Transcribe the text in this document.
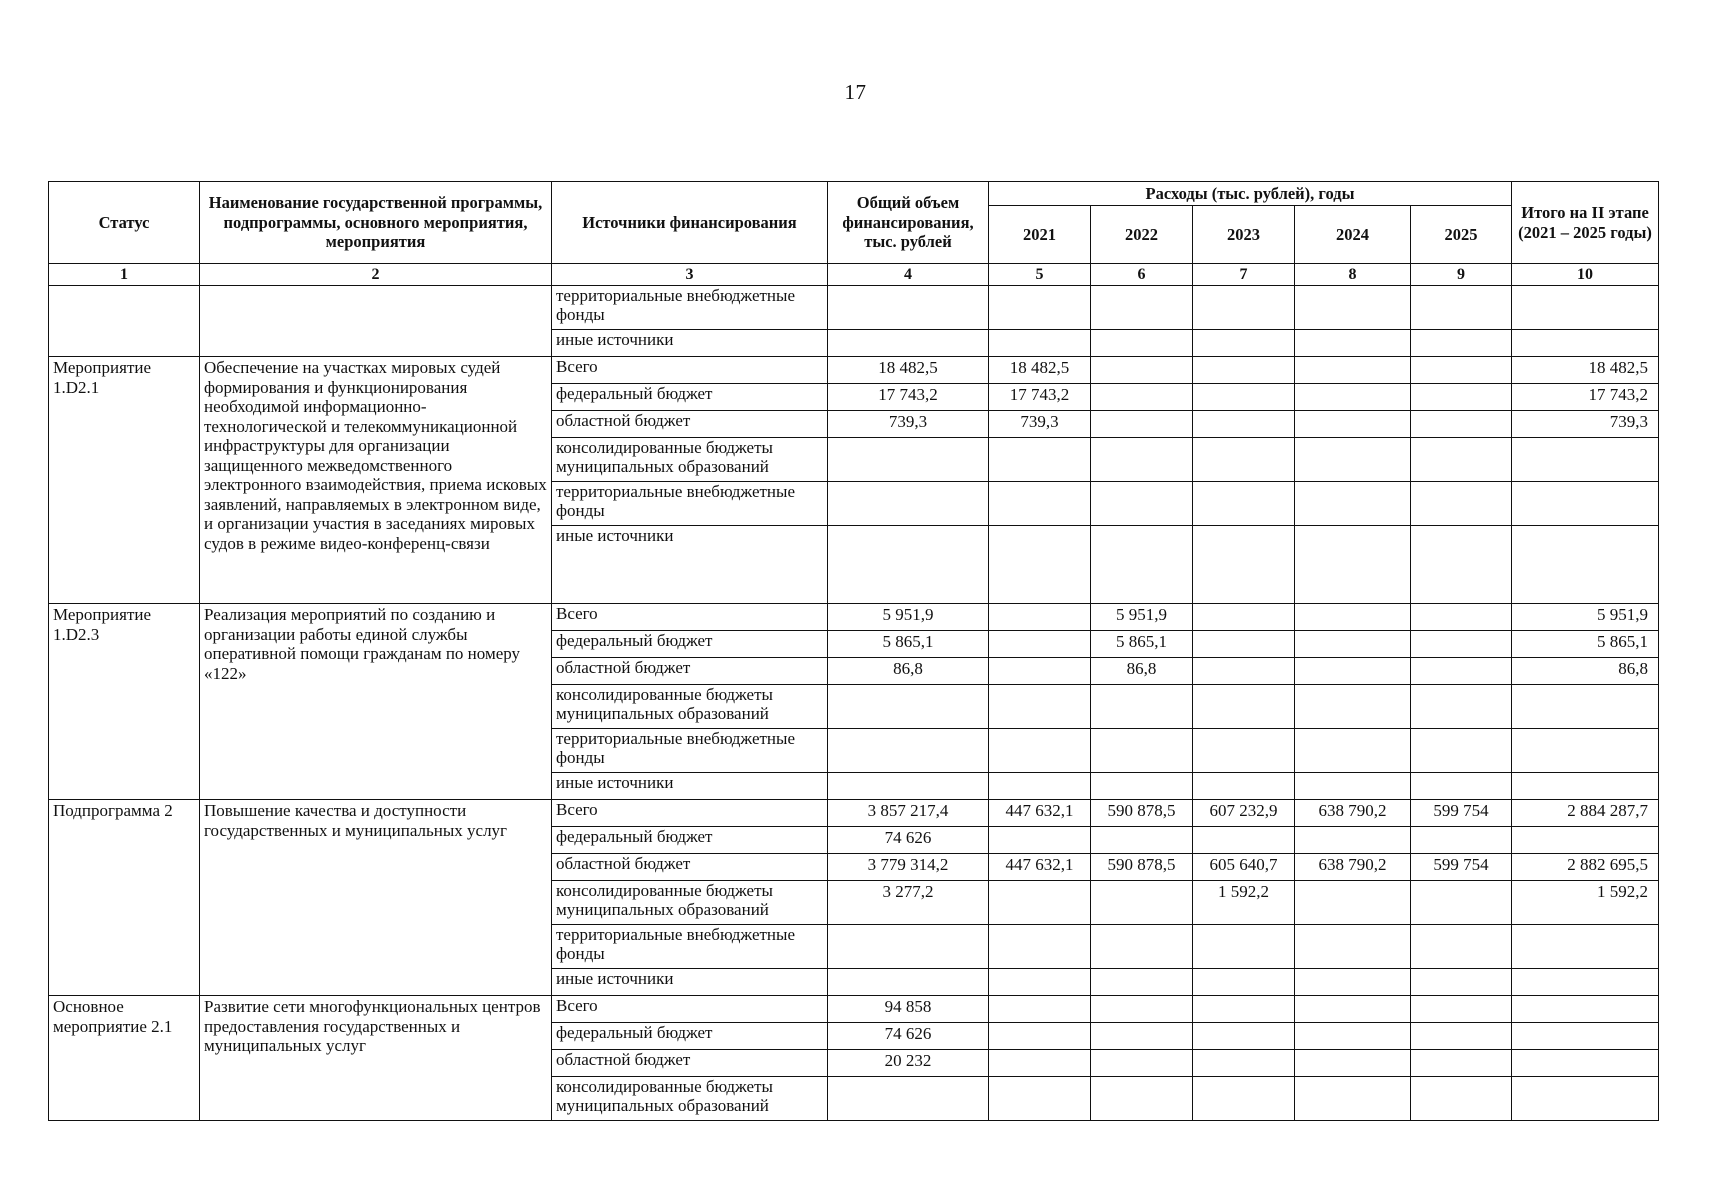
17
Статус	Наименование государственной программы, подпрограммы, основного мероприятия, мероприятия	Источники финансирования	Общий объем финансирования, тыс. рублей	Расходы (тыс. рублей), годы					Итого на II этапе (2021 – 2025 годы)
				2021	2022	2023	2024	2025	
1	2	3	4	5	6	7	8	9	10
		территориальные внебюджетные фонды							
		иные источники							
Мероприятие 1.D2.1	Обеспечение на участках мировых судей формирования и функционирования необходимой информационно-технологической и телекоммуникационной инфраструктуры для организации защищенного межведомственного электронного взаимодействия, приема исковых заявлений, направляемых в электронном виде, и организации участия в заседаниях мировых судов в режиме видео-конференц-связи	Всего	18 482,5	18 482,5					18 482,5
		федеральный бюджет	17 743,2	17 743,2					17 743,2
		областной бюджет	739,3	739,3					739,3
		консолидированные бюджеты муниципальных образований							
		территориальные внебюджетные фонды							
		иные источники							
Мероприятие 1.D2.3	Реализация мероприятий по созданию и организации работы единой службы оперативной помощи гражданам по номеру «122»	Всего	5 951,9		5 951,9				5 951,9
		федеральный бюджет	5 865,1		5 865,1				5 865,1
		областной бюджет	86,8		86,8				86,8
		консолидированные бюджеты муниципальных образований							
		территориальные внебюджетные фонды							
		иные источники							
Подпрограмма 2	Повышение качества и доступности государственных и муниципальных услуг	Всего	3 857 217,4	447 632,1	590 878,5	607 232,9	638 790,2	599 754	2 884 287,7
		федеральный бюджет	74 626						
		областной бюджет	3 779 314,2	447 632,1	590 878,5	605 640,7	638 790,2	599 754	2 882 695,5
		консолидированные бюджеты муниципальных образований	3 277,2			1 592,2			1 592,2
		территориальные внебюджетные фонды							
		иные источники							
Основное мероприятие 2.1	Развитие сети многофункциональных центров предоставления государственных и муниципальных услуг	Всего	94 858						
		федеральный бюджет	74 626						
		областной бюджет	20 232						
		консолидированные бюджеты муниципальных образований							
